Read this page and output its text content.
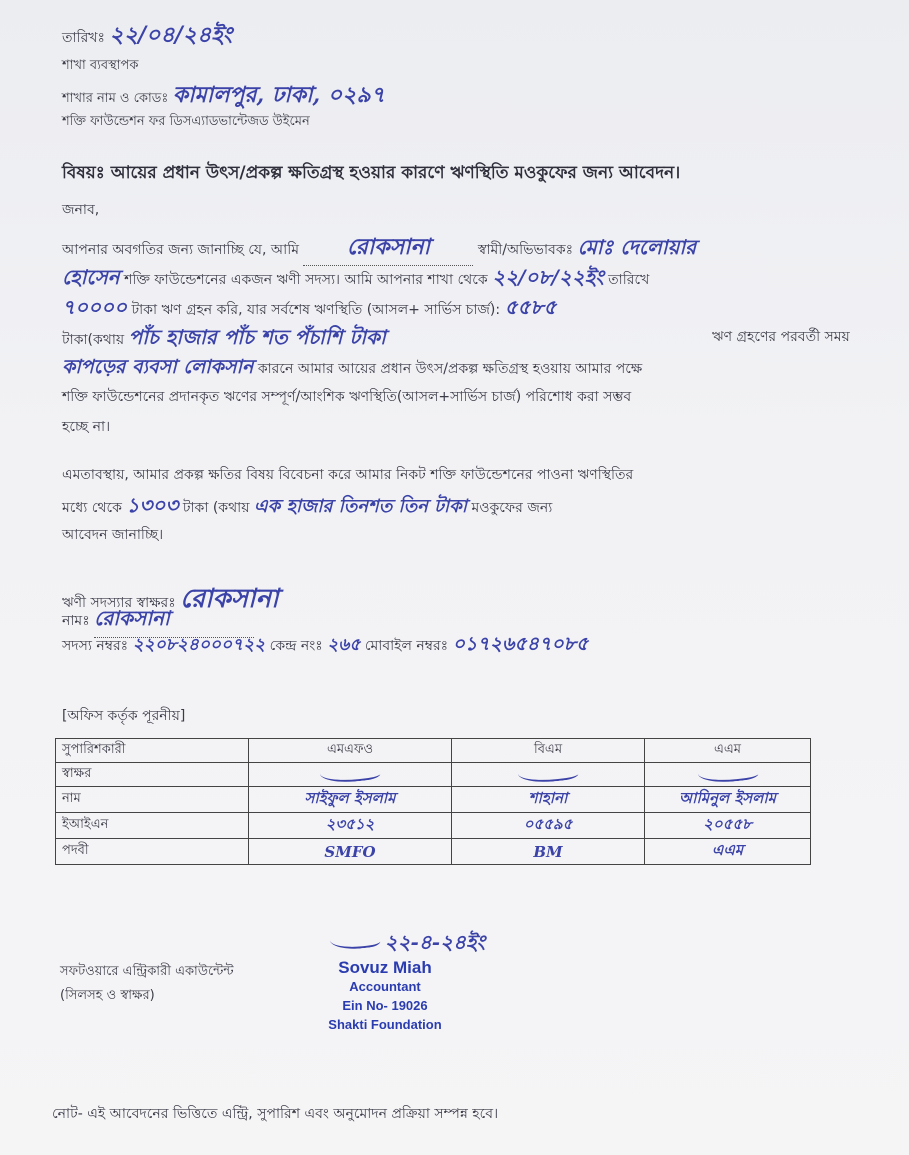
তারিখঃ ২২/০৪/২৪ইং
শাখা ব্যবস্থাপক
শাখার নাম ও কোডঃ কামালপুর, ঢাকা, ০২৯৭
শক্তি ফাউন্ডেশন ফর ডিসএ্যাডভান্টেজড উইমেন
বিষয়ঃ আয়ের প্রধান উৎস/প্রকল্প ক্ষতিগ্রস্থ হওয়ার কারণে ঋণস্থিতি মওকুফের জন্য আবেদন।
জনাব,
আপনার অবগতির জন্য জানাচ্ছি যে, আমি রোকসানা	স্বামী/অভিভাবকঃ মোঃ দেলোয়ার
হোসেন শক্তি ফাউন্ডেশনের একজন ঋণী সদস্য। আমি আপনার শাখা থেকে ২২/০৮/২২ইং তারিখে
৭০০০০ টাকা ঋণ গ্রহন করি, যার সর্বশেষ ঋণস্থিতি (আসল+ সার্ভিস চার্জ): ৫৫৮৫
টাকা(কথায় পাঁচ হাজার পাঁচ শত পঁচাশি টাকা
কাপড়ের ব্যবসা লোকসান কারনে আমার আয়ের প্রধান উৎস/প্রকল্প ক্ষতিগ্রস্থ হওয়ায় আমার পক্ষে
ঋণ গ্রহণের পরবর্তী সময়
শক্তি ফাউন্ডেশনের প্রদানকৃত ঋণের সম্পূর্ণ/আংশিক ঋণস্থিতি(আসল+সার্ভিস চার্জ) পরিশোধ করা সম্ভব
হচ্ছে না।
এমতাবস্থায়, আমার প্রকল্প ক্ষতির বিষয় বিবেচনা করে আমার নিকট শক্তি ফাউন্ডেশনের পাওনা ঋণস্থিতির
মধ্যে থেকে ১৩০৩ টাকা (কথায় এক হাজার তিনশত তিন টাকা মওকুফের জন্য
আবেদন জানাচ্ছি।
ঋণী সদস্যার স্বাক্ষরঃ রোকসানা
নামঃ রোকসানা
সদস্য নম্বরঃ ২২০৮২৪০০০৭২২ কেন্দ্র নংঃ ২৬৫ মোবাইল নম্বরঃ ০১৭২৬৫৪৭০৮৫
[অফিস কর্তৃক পূরনীয়]
সুপারিশকারী	এমএফও	বিএম	এএম
স্বাক্ষর			
নাম	সাইফুল ইসলাম	শাহানা	আমিনুল ইসলাম
ইআইএন	২৩৫১২	০৫৫৯৫	২০৫৫৮
পদবী	SMFO	BM	এএম
২২-৪-২৪ইং
সফটওয়ারে এন্ট্রিকারী একাউন্টেন্ট
(সিলসহ ও স্বাক্ষর)
Sovuz Miah
Accountant
Ein No- 19026
Shakti Foundation
নোট- এই আবেদনের ভিত্তিতে এন্ট্রি, সুপারিশ এবং অনুমোদন প্রক্রিয়া সম্পন্ন হবে।
